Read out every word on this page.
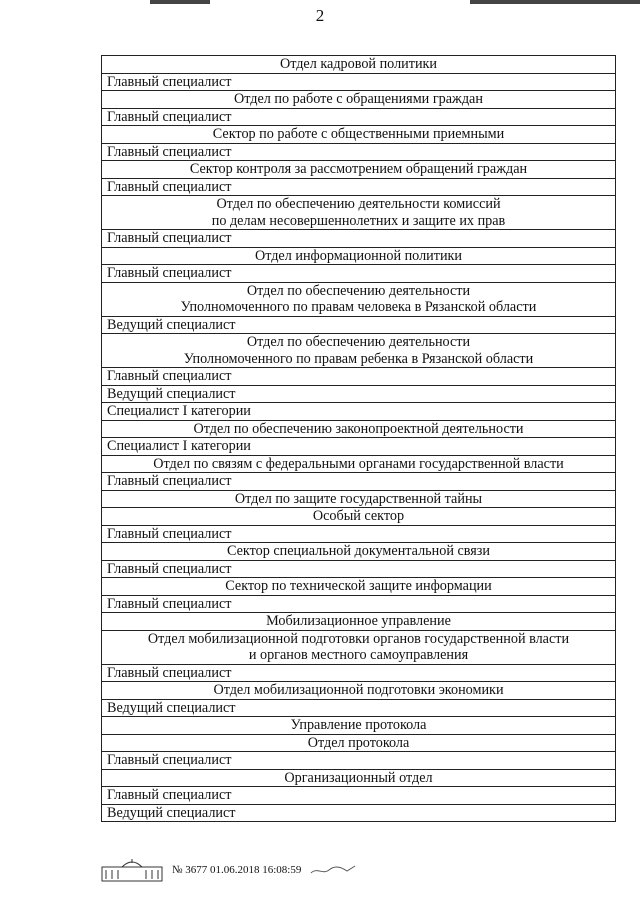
2
Отдел кадровой политики
Главный специалист
Отдел по работе с обращениями граждан
Главный специалист
Сектор по работе с общественными приемными
Главный специалист
Сектор контроля за рассмотрением обращений граждан
Главный специалист

Отдел по обеспечению деятельности комиссий
по делам несовершеннолетних и защите их прав

Главный специалист
Отдел информационной политики
Главный специалист

Отдел по обеспечению деятельности
Уполномоченного по правам человека в Рязанской области

Ведущий специалист

Отдел по обеспечению деятельности
Уполномоченного по правам ребенка в Рязанской области

Главный специалист
Ведущий специалист
Специалист I категории
Отдел по обеспечению законопроектной деятельности
Специалист I категории
Отдел по связям с федеральными органами государственной власти
Главный специалист
Отдел по защите государственной тайны
Особый сектор
Главный специалист
Сектор специальной документальной связи
Главный специалист
Сектор по технической защите информации
Главный специалист
Мобилизационное управление

Отдел мобилизационной подготовки органов государственной власти
и органов местного самоуправления

Главный специалист
Отдел мобилизационной подготовки экономики
Ведущий специалист
Управление протокола
Отдел протокола
Главный специалист
Организационный отдел
Главный специалист
Ведущий специалист
№ 3677 01.06.2018 16:08:59
